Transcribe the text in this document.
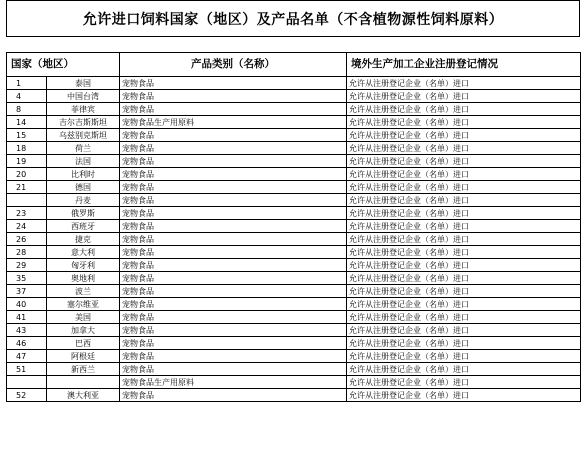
允许进口饲料国家（地区）及产品名单（不含植物源性饲料原料）
国家（地区）		产品类别（名称）	境外生产加工企业注册登记情况
1	泰国	宠物食品	允许从注册登记企业（名单）进口
4	中国台湾	宠物食品	允许从注册登记企业（名单）进口
8	菲律宾	宠物食品	允许从注册登记企业（名单）进口
14	吉尔吉斯斯坦	宠物食品生产用原料	允许从注册登记企业（名单）进口
15	乌兹别克斯坦	宠物食品	允许从注册登记企业（名单）进口
18	荷兰	宠物食品	允许从注册登记企业（名单）进口
19	法国	宠物食品	允许从注册登记企业（名单）进口
20	比利时	宠物食品	允许从注册登记企业（名单）进口
21	德国	宠物食品	允许从注册登记企业（名单）进口
	丹麦	宠物食品	允许从注册登记企业（名单）进口
23	俄罗斯	宠物食品	允许从注册登记企业（名单）进口
24	西班牙	宠物食品	允许从注册登记企业（名单）进口
26	捷克	宠物食品	允许从注册登记企业（名单）进口
28	意大利	宠物食品	允许从注册登记企业（名单）进口
29	匈牙利	宠物食品	允许从注册登记企业（名单）进口
35	奥地利	宠物食品	允许从注册登记企业（名单）进口
37	波兰	宠物食品	允许从注册登记企业（名单）进口
40	塞尔维亚	宠物食品	允许从注册登记企业（名单）进口
41	美国	宠物食品	允许从注册登记企业（名单）进口
43	加拿大	宠物食品	允许从注册登记企业（名单）进口
46	巴西	宠物食品	允许从注册登记企业（名单）进口
47	阿根廷	宠物食品	允许从注册登记企业（名单）进口
51	新西兰	宠物食品	允许从注册登记企业（名单）进口
		宠物食品生产用原料	允许从注册登记企业（名单）进口
52	澳大利亚	宠物食品	允许从注册登记企业（名单）进口
